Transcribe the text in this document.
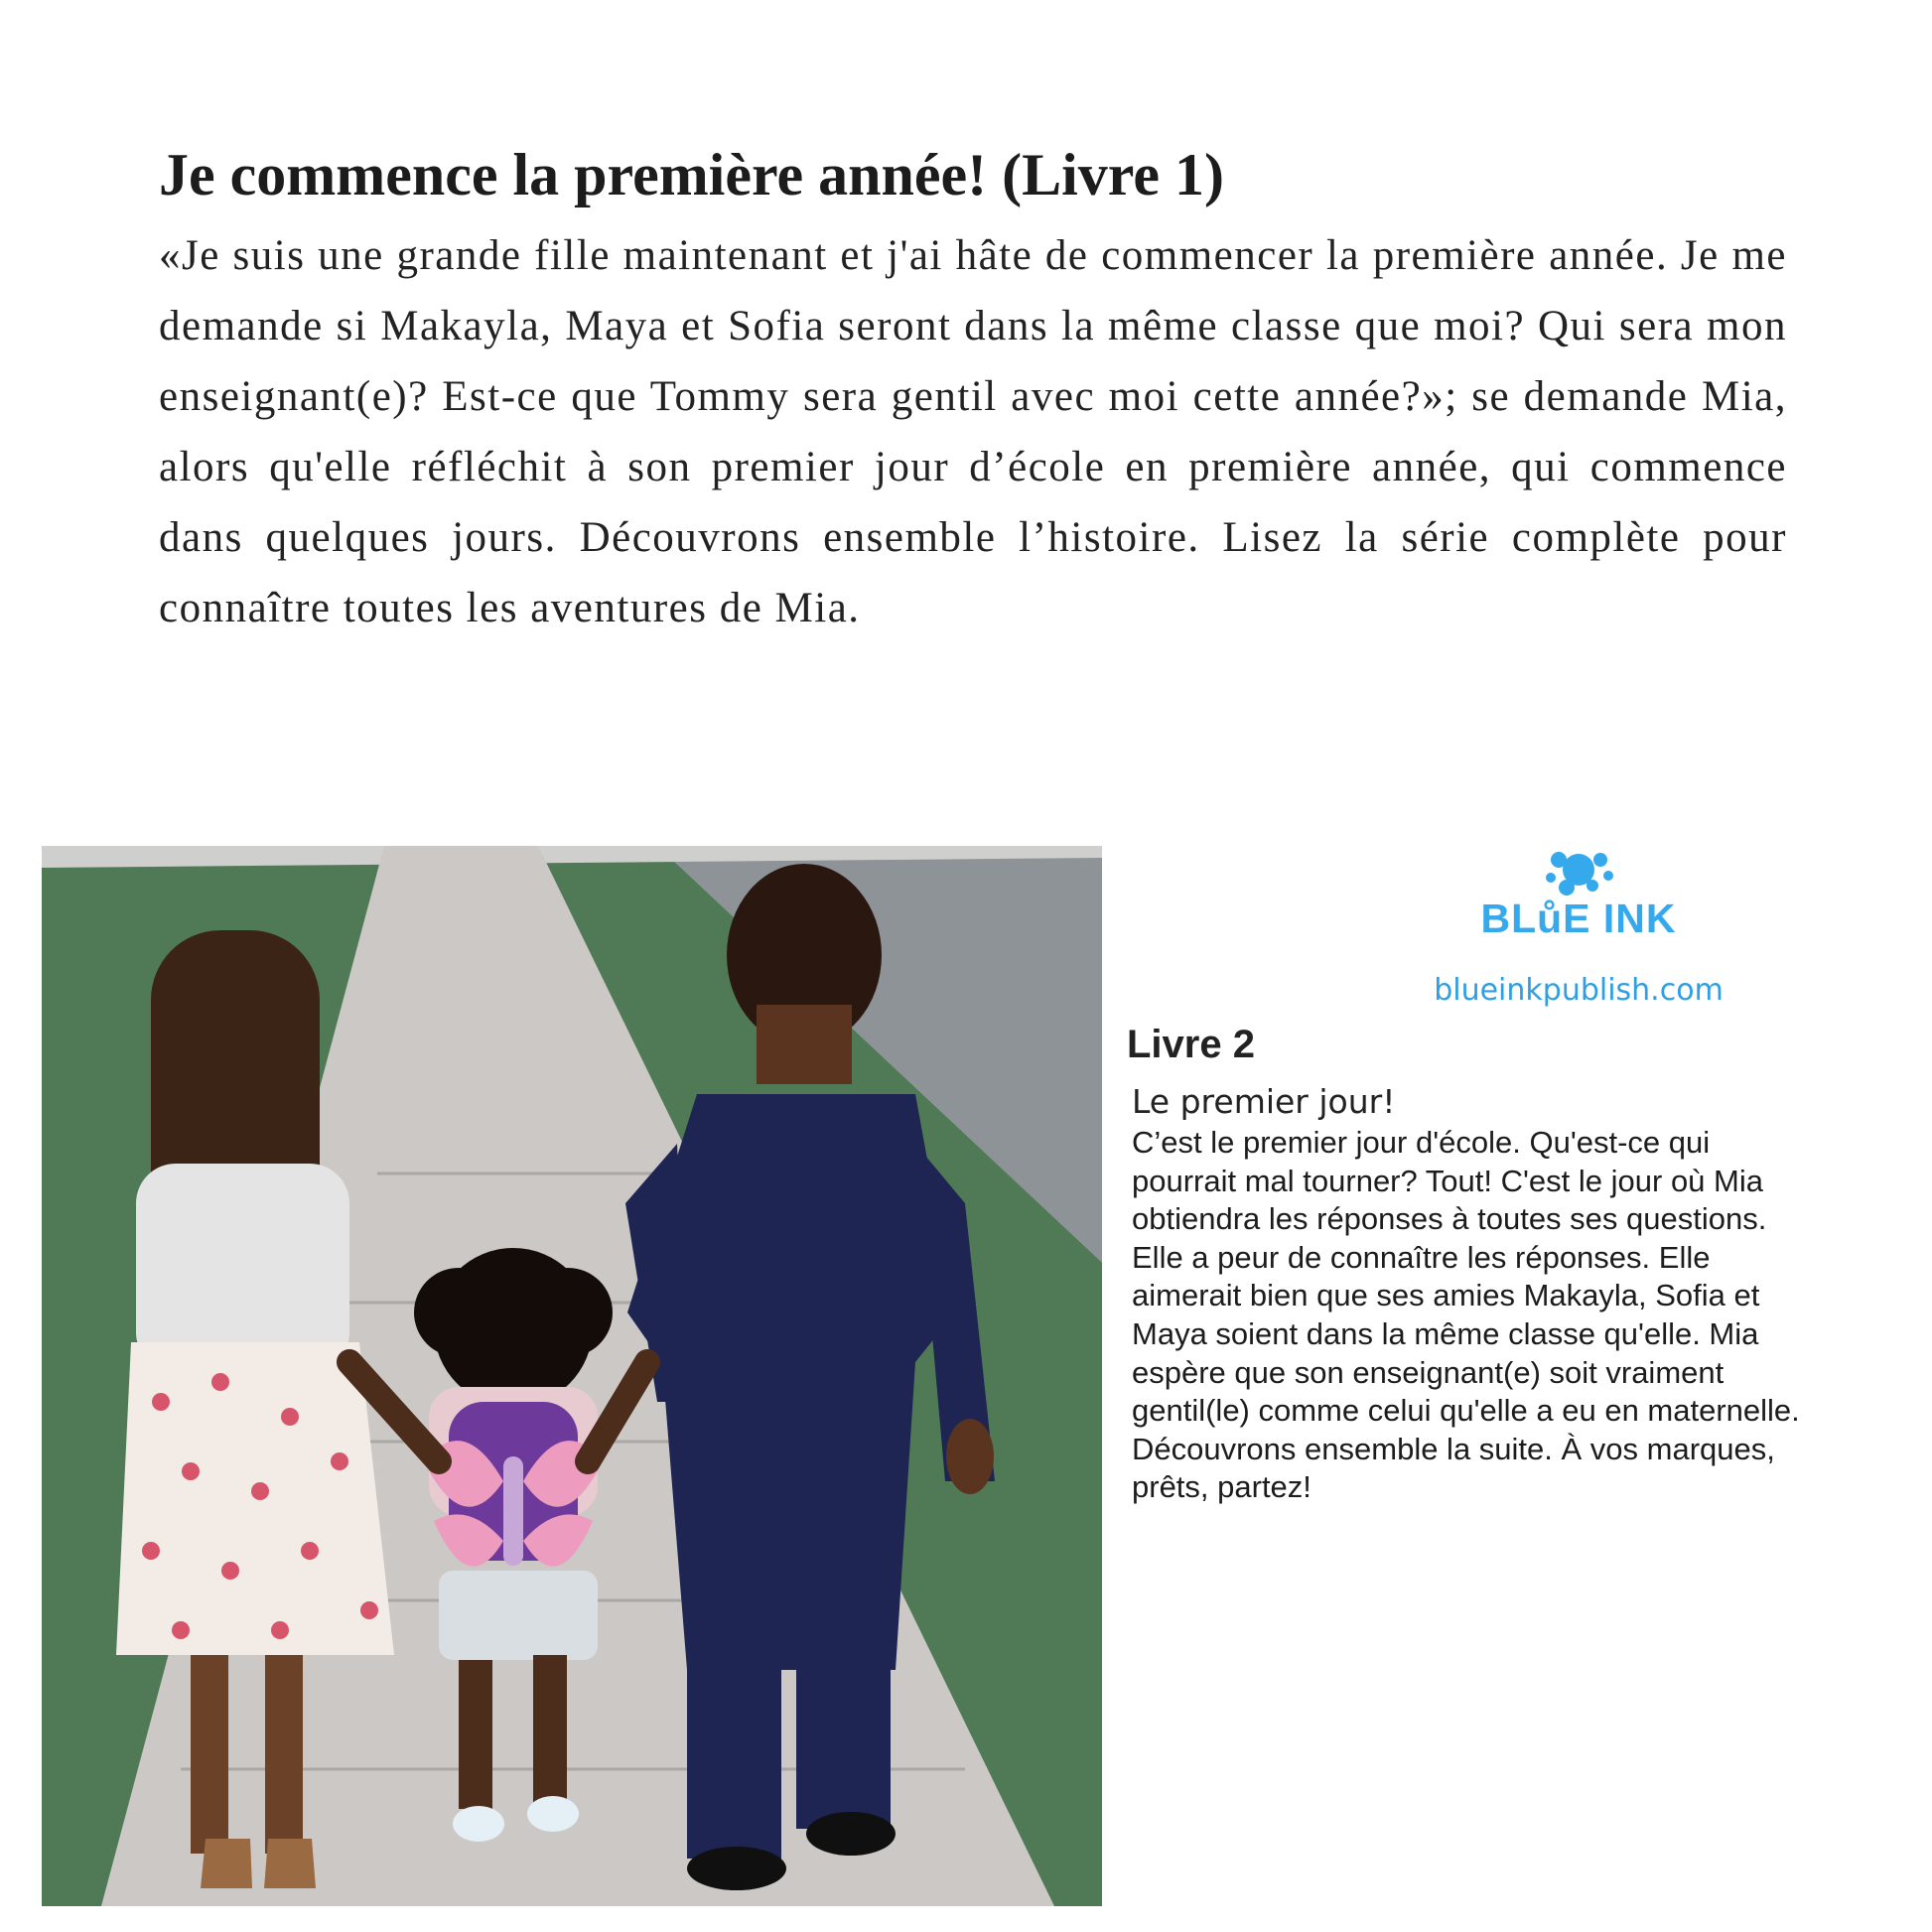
Je commence la première année! (Livre 1)

«Je suis une grande fille maintenant et j'ai hâte de commencer la première année. Je me demande si Makayla, Maya et Sofia seront dans la même classe que moi? Qui sera mon enseignant(e)? Est-ce que Tommy sera gentil avec moi cette année?»; se demande Mia, alors qu'elle réfléchit à son premier jour d’école en première année, qui commence dans quelques jours. Découvrons ensemble l’histoire. Lisez la série complète pour connaître toutes les aventures de Mia.

BLůE INK
blueinkpublish.com
Livre 2
Le premier jour!

C’est le premier jour d'école. Qu'est-ce qui pourrait mal tourner? Tout! C'est le jour où Mia obtiendra les réponses à toutes ses questions. Elle a peur de connaître les réponses. Elle aimerait bien que ses amies Makayla, Sofia et Maya soient dans la même classe qu'elle. Mia espère que son enseignant(e) soit vraiment gentil(le) comme celui qu'elle a eu en maternelle. Découvrons ensemble la suite. À vos marques, prêts, partez!
